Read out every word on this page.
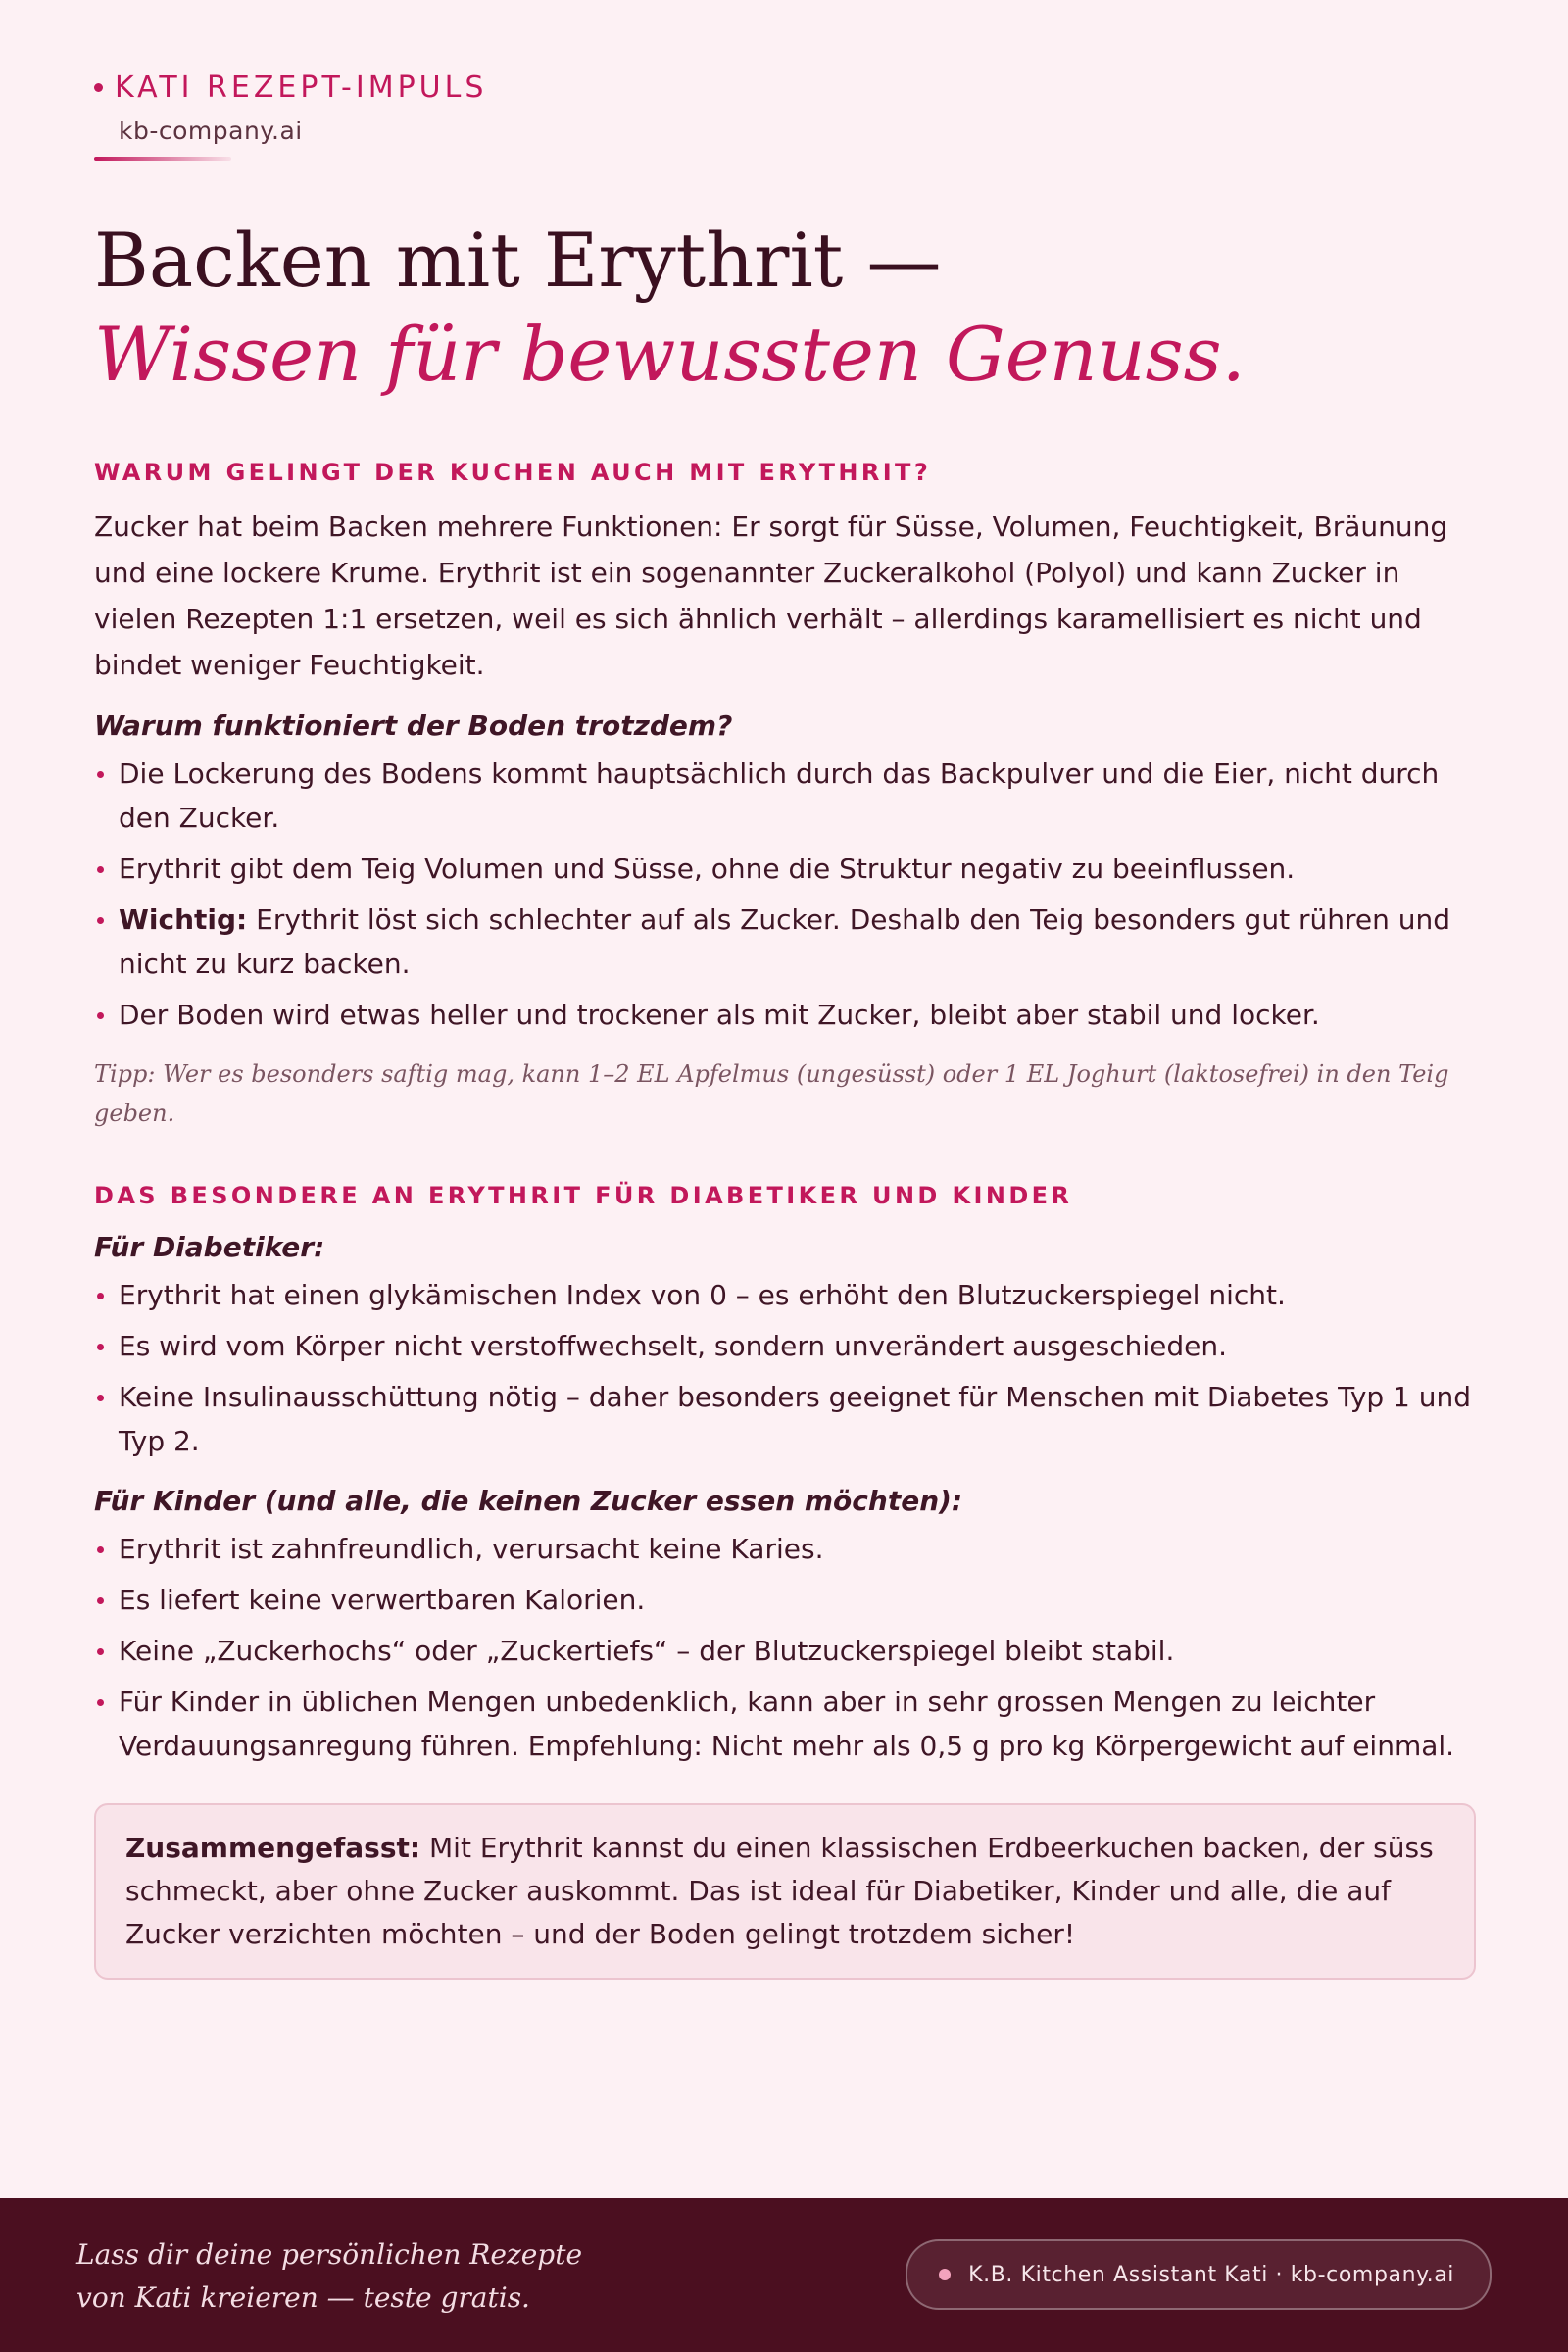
KATI REZEPT-IMPULS
kb-company.ai
Backen mit Erythrit —
Wissen für bewussten Genuss.
WARUM GELINGT DER KUCHEN AUCH MIT ERYTHRIT?

Zucker hat beim Backen mehrere Funktionen: Er sorgt für Süsse, Volumen, Feuchtigkeit, Bräunung und eine lockere Krume. Erythrit ist ein sogenannter Zuckeralkohol (Polyol) und kann Zucker in vielen Rezepten 1:1 ersetzen, weil es sich ähnlich verhält – allerdings karamellisiert es nicht und bindet weniger Feuchtigkeit.

Warum funktioniert der Boden trotzdem?
Die Lockerung des Bodens kommt hauptsächlich durch das Backpulver und die Eier, nicht durch den Zucker.
Erythrit gibt dem Teig Volumen und Süsse, ohne die Struktur negativ zu beeinflussen.
Wichtig: Erythrit löst sich schlechter auf als Zucker. Deshalb den Teig besonders gut rühren und nicht zu kurz backen.
Der Boden wird etwas heller und trockener als mit Zucker, bleibt aber stabil und locker.

Tipp: Wer es besonders saftig mag, kann 1–2 EL Apfelmus (ungesüsst) oder 1 EL Joghurt (laktosefrei) in den Teig geben.

DAS BESONDERE AN ERYTHRIT FÜR DIABETIKER UND KINDER
Für Diabetiker:
Erythrit hat einen glykämischen Index von 0 – es erhöht den Blutzuckerspiegel nicht.
Es wird vom Körper nicht verstoffwechselt, sondern unverändert ausgeschieden.
Keine Insulinausschüttung nötig – daher besonders geeignet für Menschen mit Diabetes Typ 1 und Typ 2.
Für Kinder (und alle, die keinen Zucker essen möchten):
Erythrit ist zahnfreundlich, verursacht keine Karies.
Es liefert keine verwertbaren Kalorien.
Keine „Zuckerhochs“ oder „Zuckertiefs“ – der Blutzuckerspiegel bleibt stabil.
Für Kinder in üblichen Mengen unbedenklich, kann aber in sehr grossen Mengen zu leichter Verdauungsanregung führen. Empfehlung: Nicht mehr als 0,5 g pro kg Körpergewicht auf einmal.
Zusammengefasst: Mit Erythrit kannst du einen klassischen Erdbeerkuchen backen, der süss schmeckt, aber ohne Zucker auskommt. Das ist ideal für Diabetiker, Kinder und alle, die auf Zucker verzichten möchten – und der Boden gelingt trotzdem sicher!
Lass dir deine persönlichen Rezepte
von Kati kreieren — teste gratis.
K.B. Kitchen Assistant Kati · kb-company.ai
